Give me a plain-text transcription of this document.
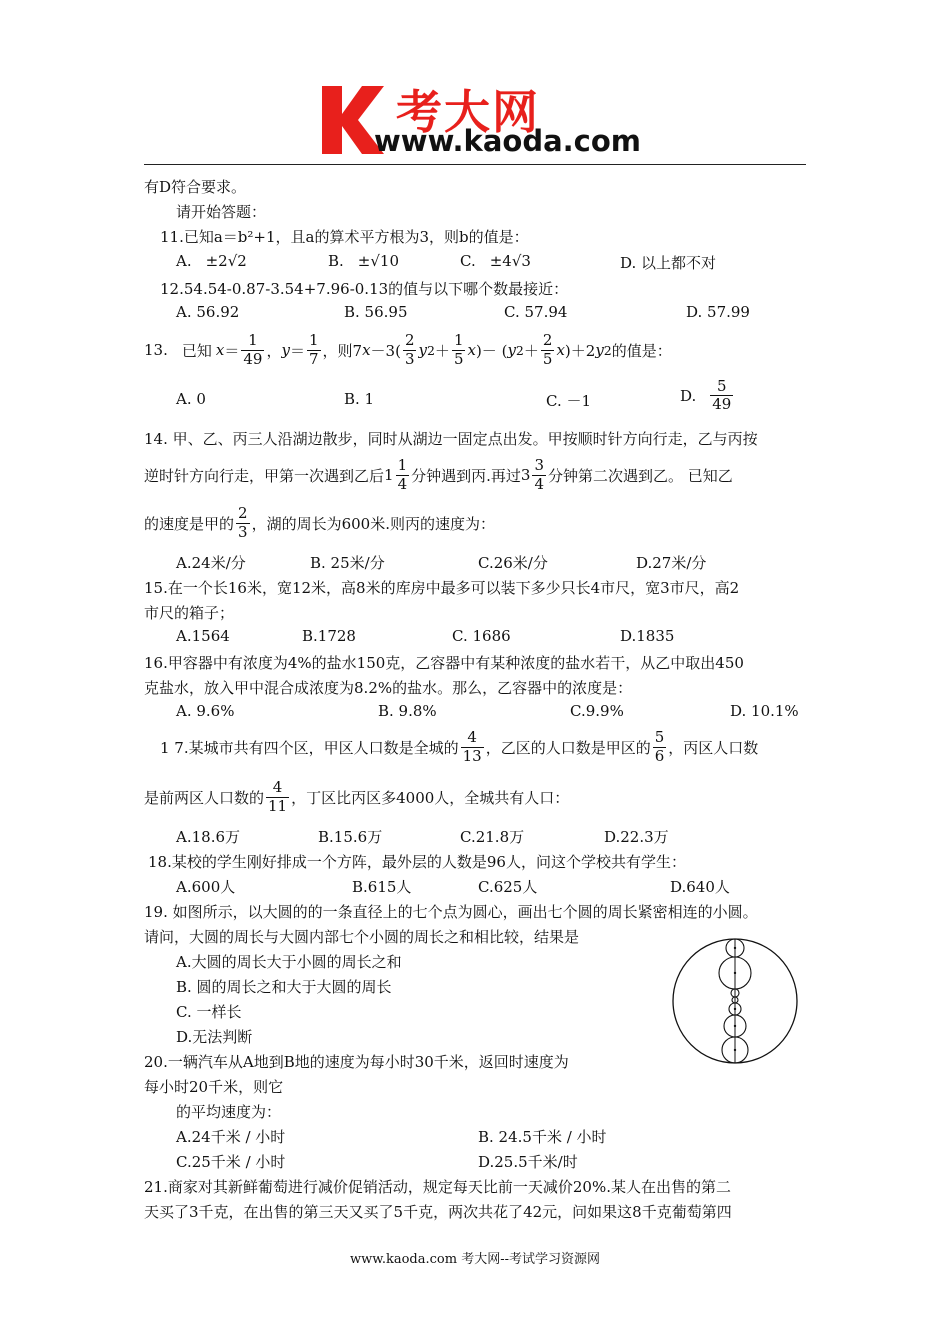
考大网
www.kaoda.com
有D符合要求。
请开始答题：
11.已知a＝b²+1，且a的算术平方根为3，则b的值是：
A. ±2√2	B. ±√10	C. ±4√3	D. 以上都不对
12.54.54-0.87-3.54+7.96-0.13的值与以下哪个数最接近：
A. 56.92	B. 56.95	C. 57.94	D. 57.99
13. 已知 $x = \frac{1}{49}$ ， $y = \frac{1}{7}$ ，则7 $x -3( \frac{2}{3}$ y $2 + \frac{1}{5}$ x )－ ( y $2 + \frac{2}{5}$ x )＋2 y 2 的值是：
A. 0	B. 1	C. －1	D. $\frac{5}{49}$
14. 甲、乙、丙三人沿湖边散步，同时从湖边一固定点出发。甲按顺时针方向行走，乙与丙按
逆时针方向行走，甲第一次遇到乙后 $1 \frac{1}{4}$ 分钟遇到丙.再过 $3 \frac{3}{4}$ 分钟第二次遇到乙。 已知乙
的速度是甲的 $\frac{2}{3}$ ，湖的周长为600米.则丙的速度为：
A.24米/分	B. 25米/分	C.26米/分	D.27米/分
15.在一个长16米，宽12米，高8米的库房中最多可以装下多少只长4市尺，宽3市尺，高2
市尺的箱子；
A.1564	B.1728	C. 1686	D.1835
16.甲容器中有浓度为4%的盐水150克，乙容器中有某种浓度的盐水若干，从乙中取出450
克盐水，放入甲中混合成浓度为8.2%的盐水。那么，乙容器中的浓度是：
A. 9.6%	B. 9.8%	C.9.9%	D. 10.1%
1 7.某城市共有四个区，甲区人口数是全城的 $\frac{4}{13}$ ，乙区的人口数是甲区的 $\frac{5}{6}$ ，丙区人口数
是前两区人口数的 $\frac{4}{11}$ ，丁区比丙区多4000人，全城共有人口：
A.18.6万	B.15.6万	C.21.8万	D.22.3万
18.某校的学生刚好排成一个方阵，最外层的人数是96人，问这个学校共有学生：
A.600人	B.615人	C.625人	D.640人
19. 如图所示，以大圆的的一条直径上的七个点为圆心，画出七个圆的周长紧密相连的小圆。
请问，大圆的周长与大圆内部七个小圆的周长之和相比较，结果是
A.大圆的周长大于小圆的周长之和
B. 圆的周长之和大于大圆的周长
C. 一样长
D.无法判断
20.一辆汽车从A地到B地的速度为每小时30千米，返回时速度为
每小时20千米，则它
的平均速度为：
A.24千米 / 小时	B. 24.5千米 / 小时
C.25千米 / 小时	D.25.5千米/时
21.商家对其新鲜葡萄进行减价促销活动，规定每天比前一天减价20%.某人在出售的第二
天买了3千克，在出售的第三天又买了5千克，两次共花了42元，问如果这8千克葡萄第四
www.kaoda.com 考大网--考试学习资源网
